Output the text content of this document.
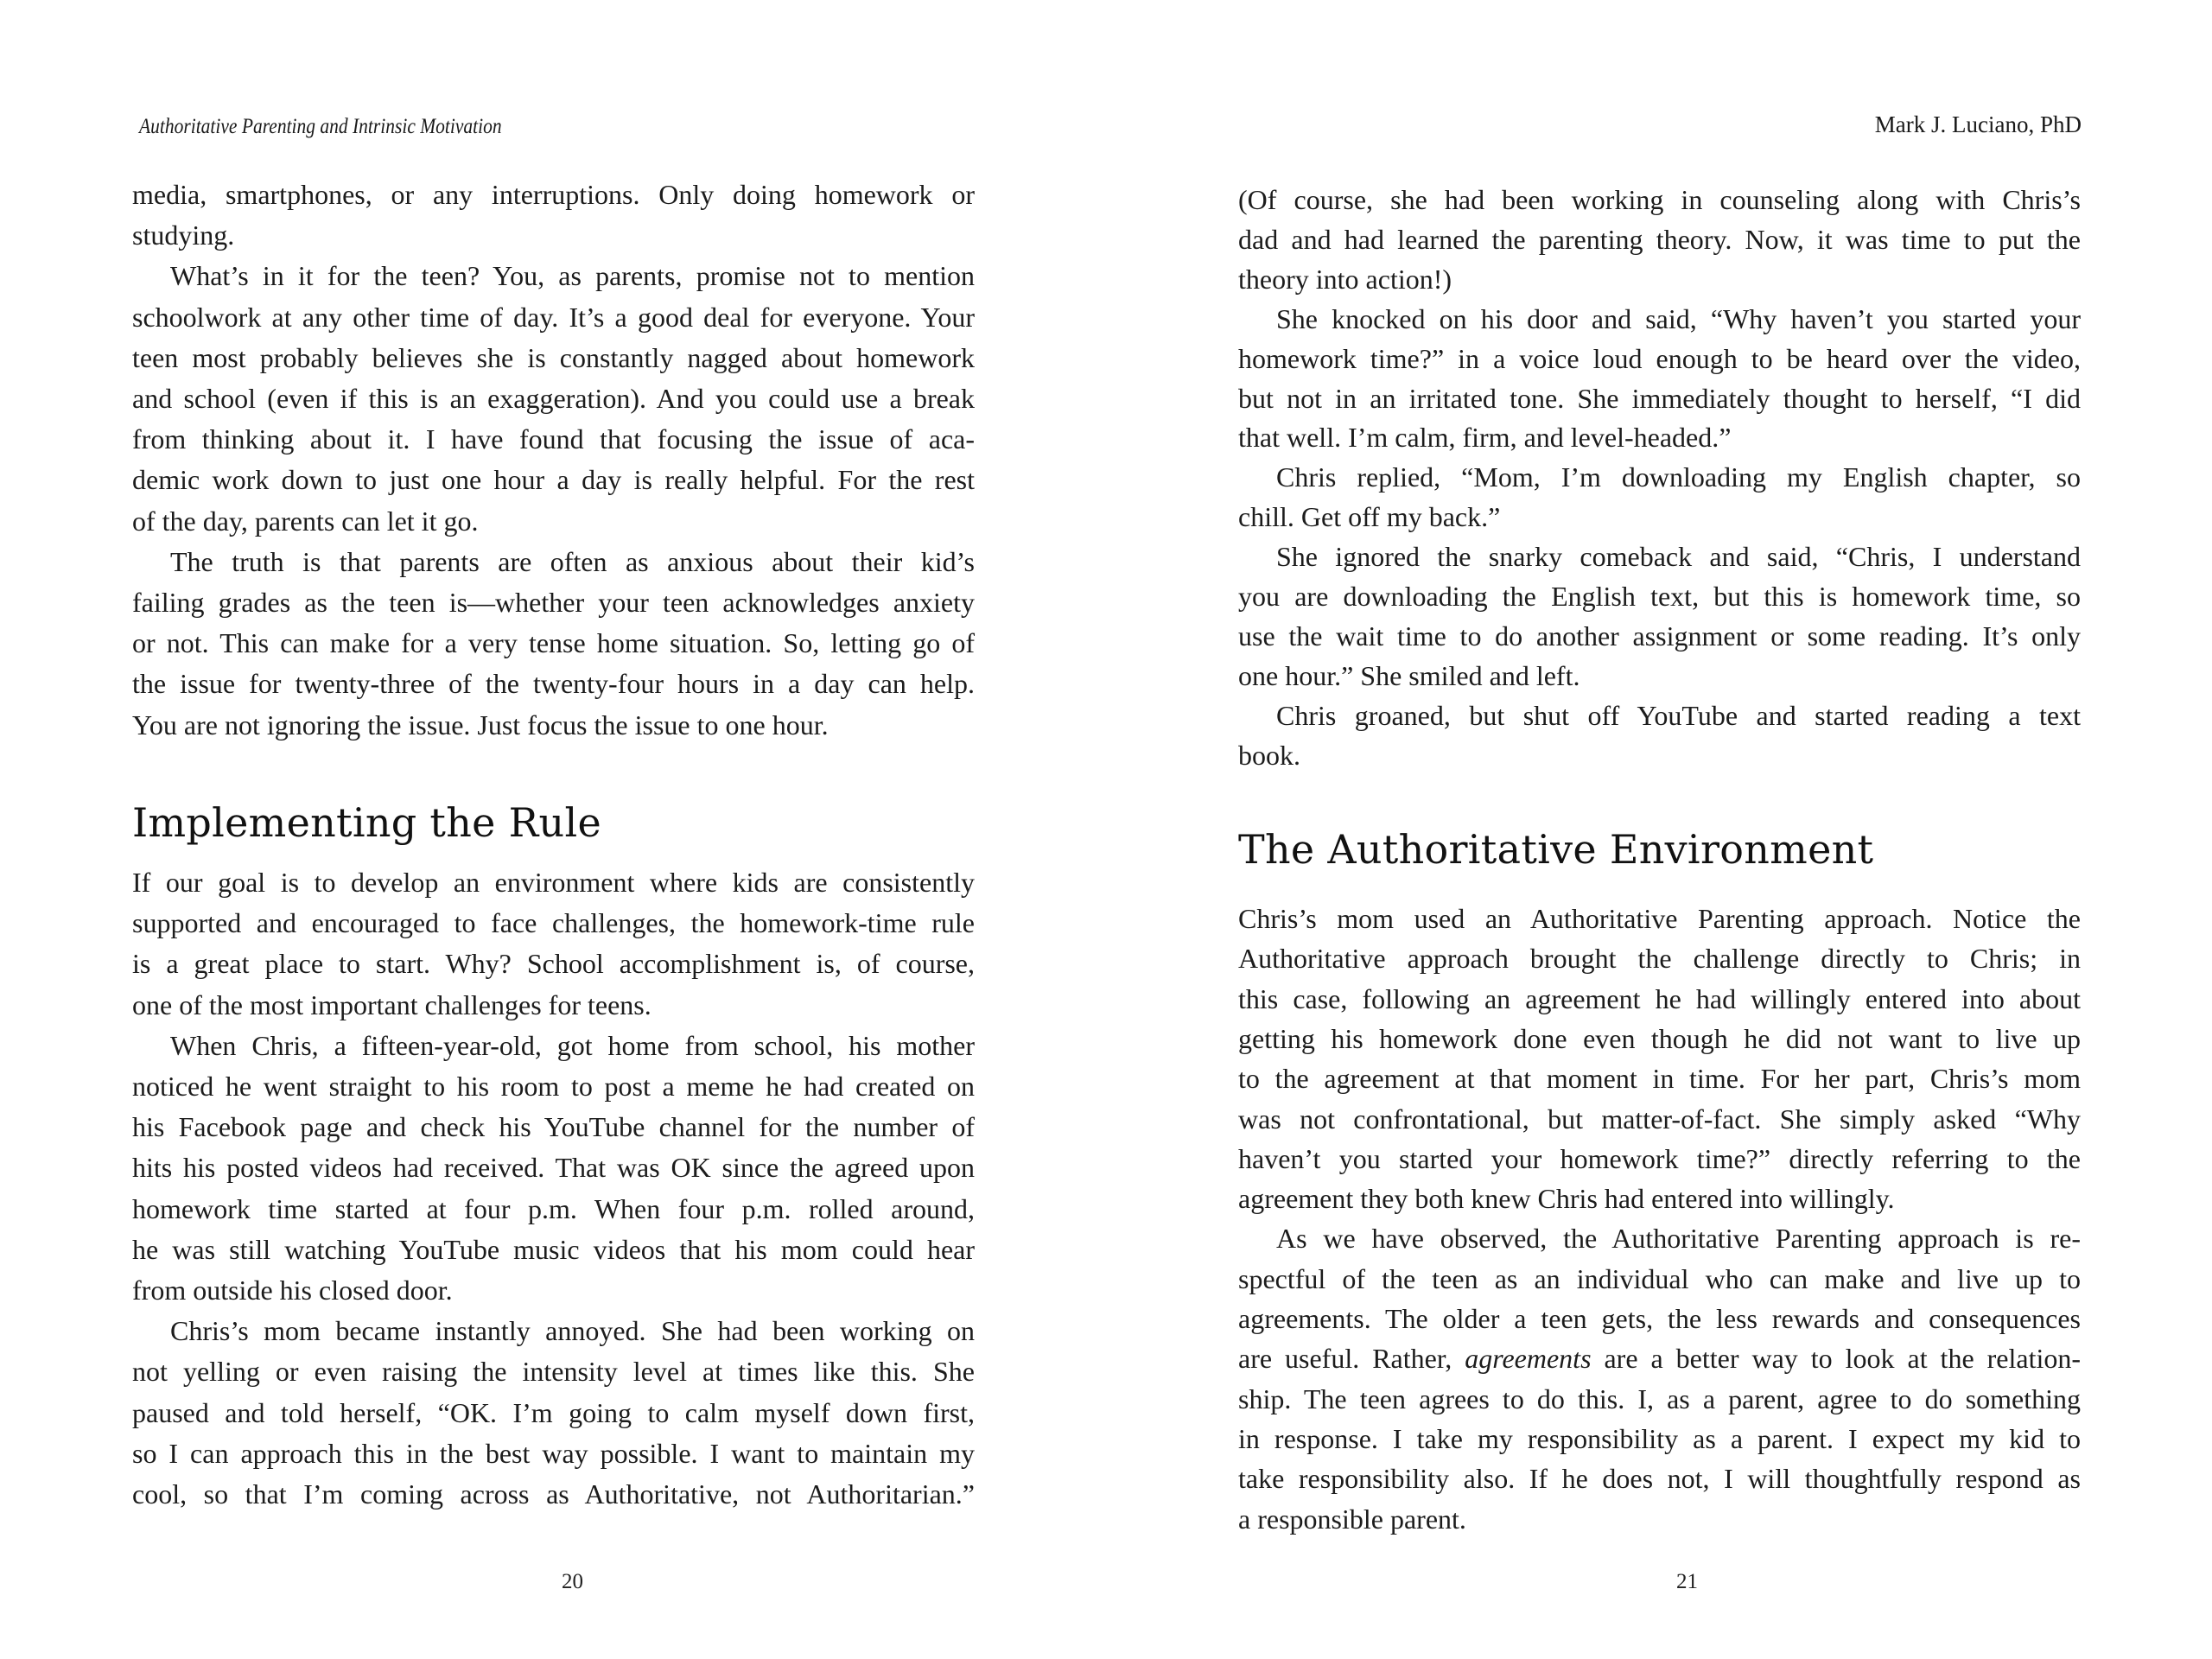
Authoritative Parenting and Intrinsic Motivation
media, smartphones, or any interruptions. Only doing homework or
studying.
What’s in it for the teen? You, as parents, promise not to mention
schoolwork at any other time of day. It’s a good deal for everyone. Your
teen most probably believes she is constantly nagged about homework
and school (even if this is an exaggeration). And you could use a break
from thinking about it. I have found that focusing the issue of aca-
demic work down to just one hour a day is really helpful. For the rest
of the day, parents can let it go.
The truth is that parents are often as anxious about their kid’s
failing grades as the teen is—whether your teen acknowledges anxiety
or not. This can make for a very tense home situation. So, letting go of
the issue for twenty-three of the twenty-four hours in a day can help.
You are not ignoring the issue. Just focus the issue to one hour.
Implementing the Rule
If our goal is to develop an environment where kids are consistently
supported and encouraged to face challenges, the homework-time rule
is a great place to start. Why? School accomplishment is, of course,
one of the most important challenges for teens.
When Chris, a fifteen-year-old, got home from school, his mother
noticed he went straight to his room to post a meme he had created on
his Facebook page and check his YouTube channel for the number of
hits his posted videos had received. That was OK since the agreed upon
homework time started at four p.m. When four p.m. rolled around,
he was still watching YouTube music videos that his mom could hear
from outside his closed door.
Chris’s mom became instantly annoyed. She had been working on
not yelling or even raising the intensity level at times like this. She
paused and told herself, “OK. I’m going to calm myself down first,
so I can approach this in the best way possible. I want to maintain my
cool, so that I’m coming across as Authoritative, not Authoritarian.”
20
Mark J. Luciano, PhD
(Of course, she had been working in counseling along with Chris’s
dad and had learned the parenting theory. Now, it was time to put the
theory into action!)
She knocked on his door and said, “Why haven’t you started your
homework time?” in a voice loud enough to be heard over the video,
but not in an irritated tone. She immediately thought to herself, “I did
that well. I’m calm, firm, and level-headed.”
Chris replied, “Mom, I’m downloading my English chapter, so
chill. Get off my back.”
She ignored the snarky comeback and said, “Chris, I understand
you are downloading the English text, but this is homework time, so
use the wait time to do another assignment or some reading. It’s only
one hour.” She smiled and left.
Chris groaned, but shut off YouTube and started reading a text
book.
The Authoritative Environment
Chris’s mom used an Authoritative Parenting approach. Notice the
Authoritative approach brought the challenge directly to Chris; in
this case, following an agreement he had willingly entered into about
getting his homework done even though he did not want to live up
to the agreement at that moment in time. For her part, Chris’s mom
was not confrontational, but matter-of-fact. She simply asked “Why
haven’t you started your homework time?” directly referring to the
agreement they both knew Chris had entered into willingly.
As we have observed, the Authoritative Parenting approach is re-
spectful of the teen as an individual who can make and live up to
agreements. The older a teen gets, the less rewards and consequences
are useful. Rather, agreements are a better way to look at the relation-
ship. The teen agrees to do this. I, as a parent, agree to do something
in response. I take my responsibility as a parent. I expect my kid to
take responsibility also. If he does not, I will thoughtfully respond as
a responsible parent.
21
